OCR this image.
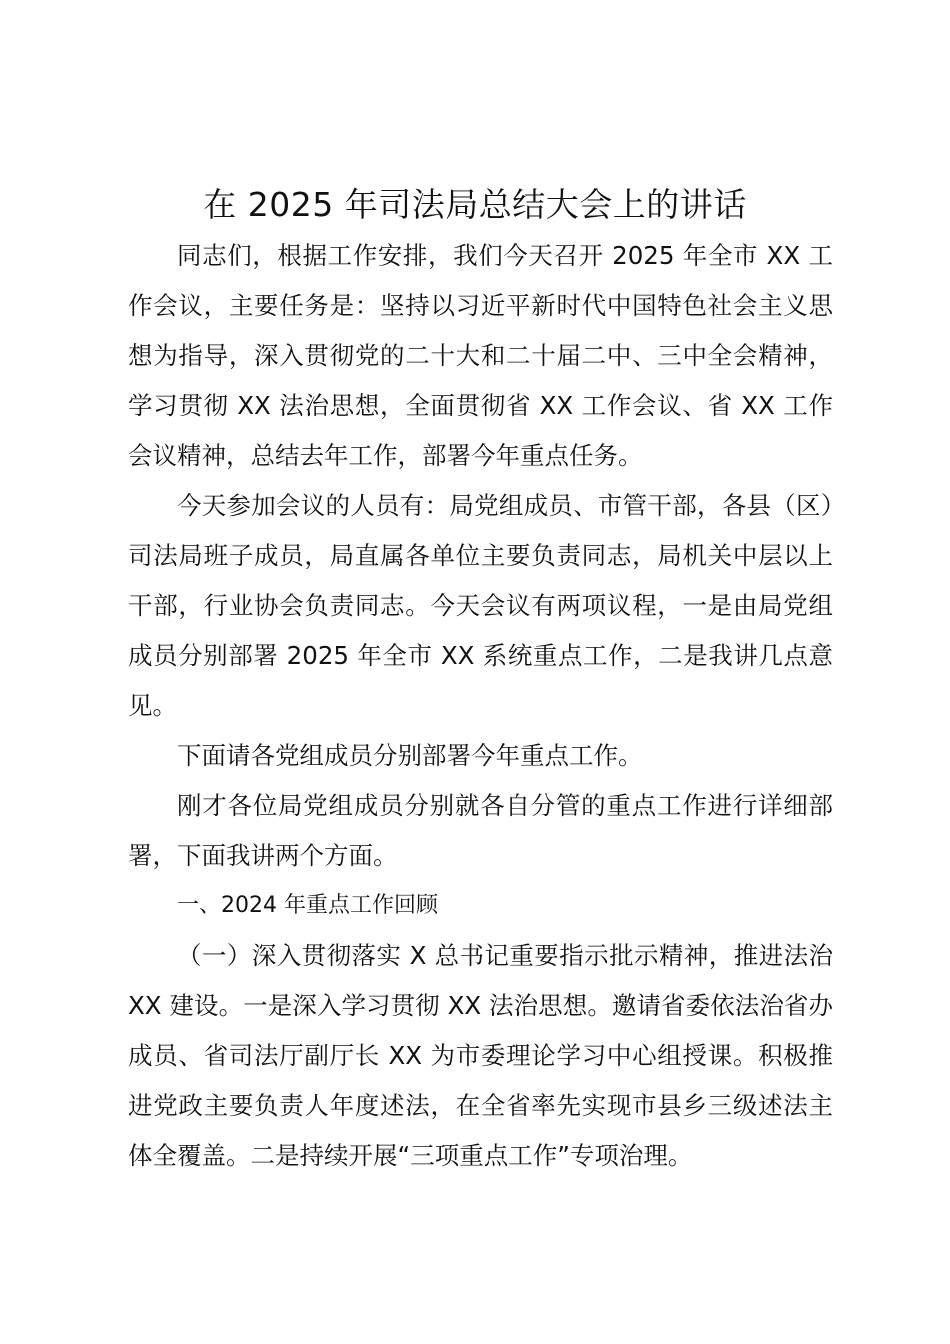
在 2025 年司法局总结大会上的讲话

同志们，根据工作安排，我们今天召开 2025 年全市 XX 工作会议，主要任务是：坚持以习近平新时代中国特色社会主义思想为指导，深入贯彻党的二十大和二十届二中、三中全会精神，学习贯彻 XX 法治思想，全面贯彻省 XX 工作会议、省 XX 工作会议精神，总结去年工作，部署今年重点任务。

今天参加会议的人员有：局党组成员、市管干部，各县（区）司法局班子成员，局直属各单位主要负责同志，局机关中层以上干部，行业协会负责同志。今天会议有两项议程，一是由局党组成员分别部署 2025 年全市 XX 系统重点工作，二是我讲几点意见。

下面请各党组成员分别部署今年重点工作。

刚才各位局党组成员分别就各自分管的重点工作进行详细部署，下面我讲两个方面。

一、2024 年重点工作回顾

（一）深入贯彻落实 X 总书记重要指示批示精神，推进法治 XX 建设。一是深入学习贯彻 XX 法治思想。邀请省委依法治省办成员、省司法厅副厅长 XX 为市委理论学习中心组授课。积极推进党政主要负责人年度述法，在全省率先实现市县乡三级述法主体全覆盖。二是持续开展“三项重点工作”专项治理。
